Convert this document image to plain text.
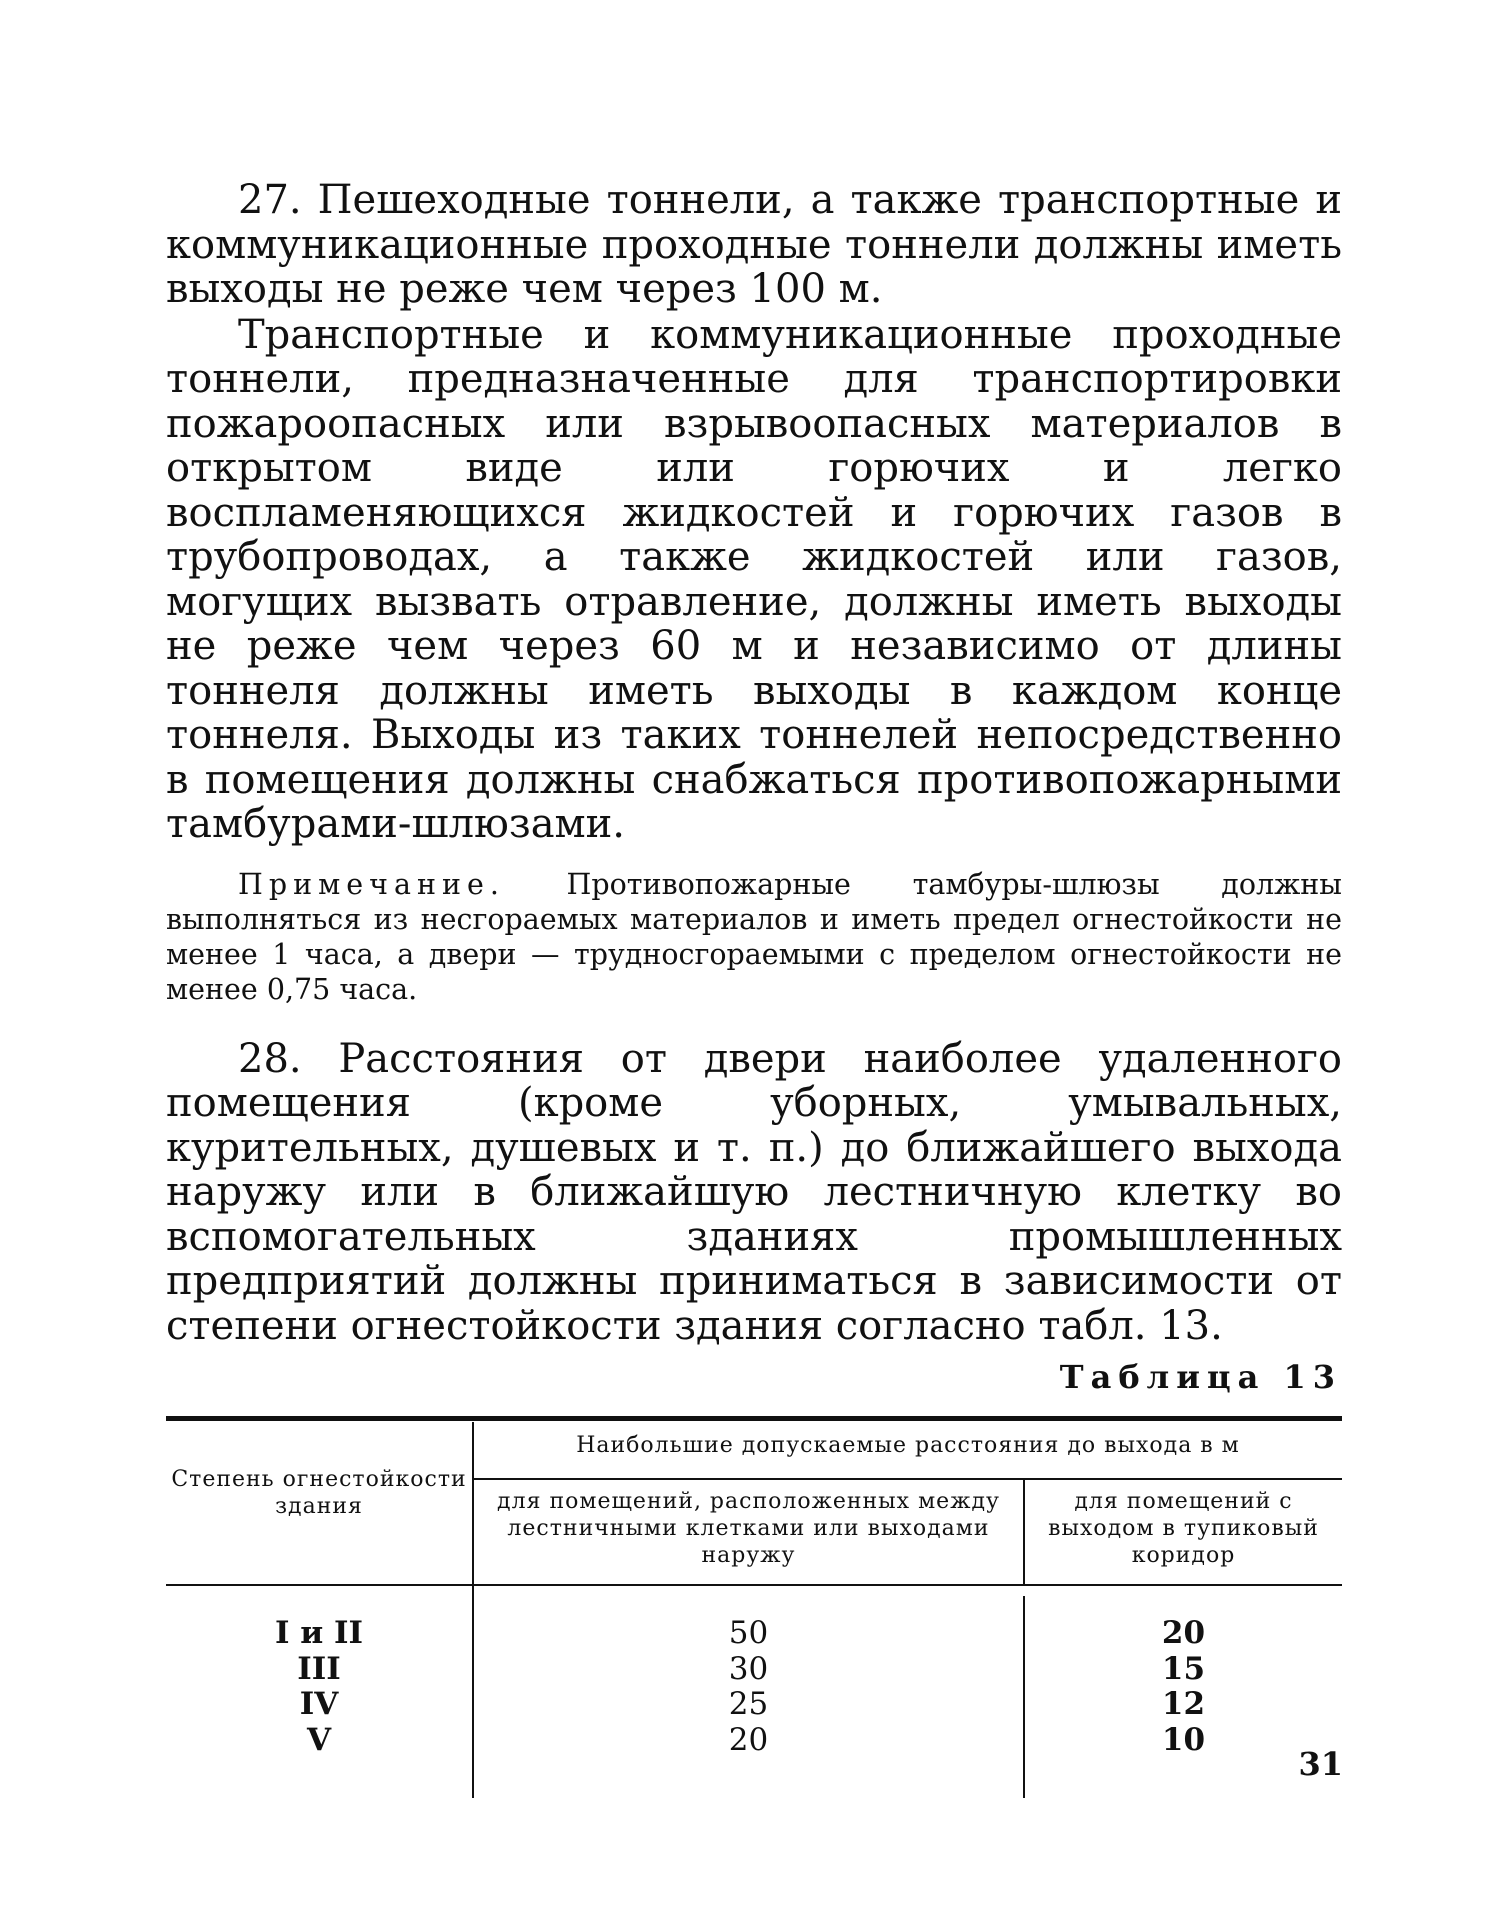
27. Пешеходные тоннели, а также транспортные и коммуникационные проходные тоннели должны иметь выходы не реже чем через 100 м.

Транспортные и коммуникационные проходные тоннели, предназначенные для транспортировки пожароопасных или взрывоопасных материалов в открытом виде или горючих и легко воспламеняющихся жидкостей и горючих газов в трубопроводах, а также жидкостей или газов, могущих вызвать отравление, должны иметь выходы не реже чем через 60 м и независимо от длины тоннеля должны иметь выходы в каждом конце тоннеля. Выходы из таких тоннелей непосредственно в помещения должны снабжаться противопожарными тамбурами-шлюзами.

Примечание. Противопожарные тамбуры-шлюзы должны выполняться из несгораемых материалов и иметь предел огнестойкости не менее 1 часа, а двери — трудносгораемыми с пределом огнестойкости не менее 0,75 часа.

28. Расстояния от двери наиболее удаленного помещения (кроме уборных, умывальных, курительных, душевых и т. п.) до ближайшего выхода наружу или в ближайшую лестничную клетку во вспомогательных зданиях промышленных предприятий должны приниматься в зависимости от степени огнестойкости здания согласно табл. 13.

Таблица 13
Степень огнестойкости здания
Наибольшие допускаемые расстояния до выхода в м
для помещений, расположенных между лестничными клетками или выходами наружу
для помещений с выходом в тупиковый коридор
I и II	50	20
III	30	15
IV	25	12
V	20	10
31
